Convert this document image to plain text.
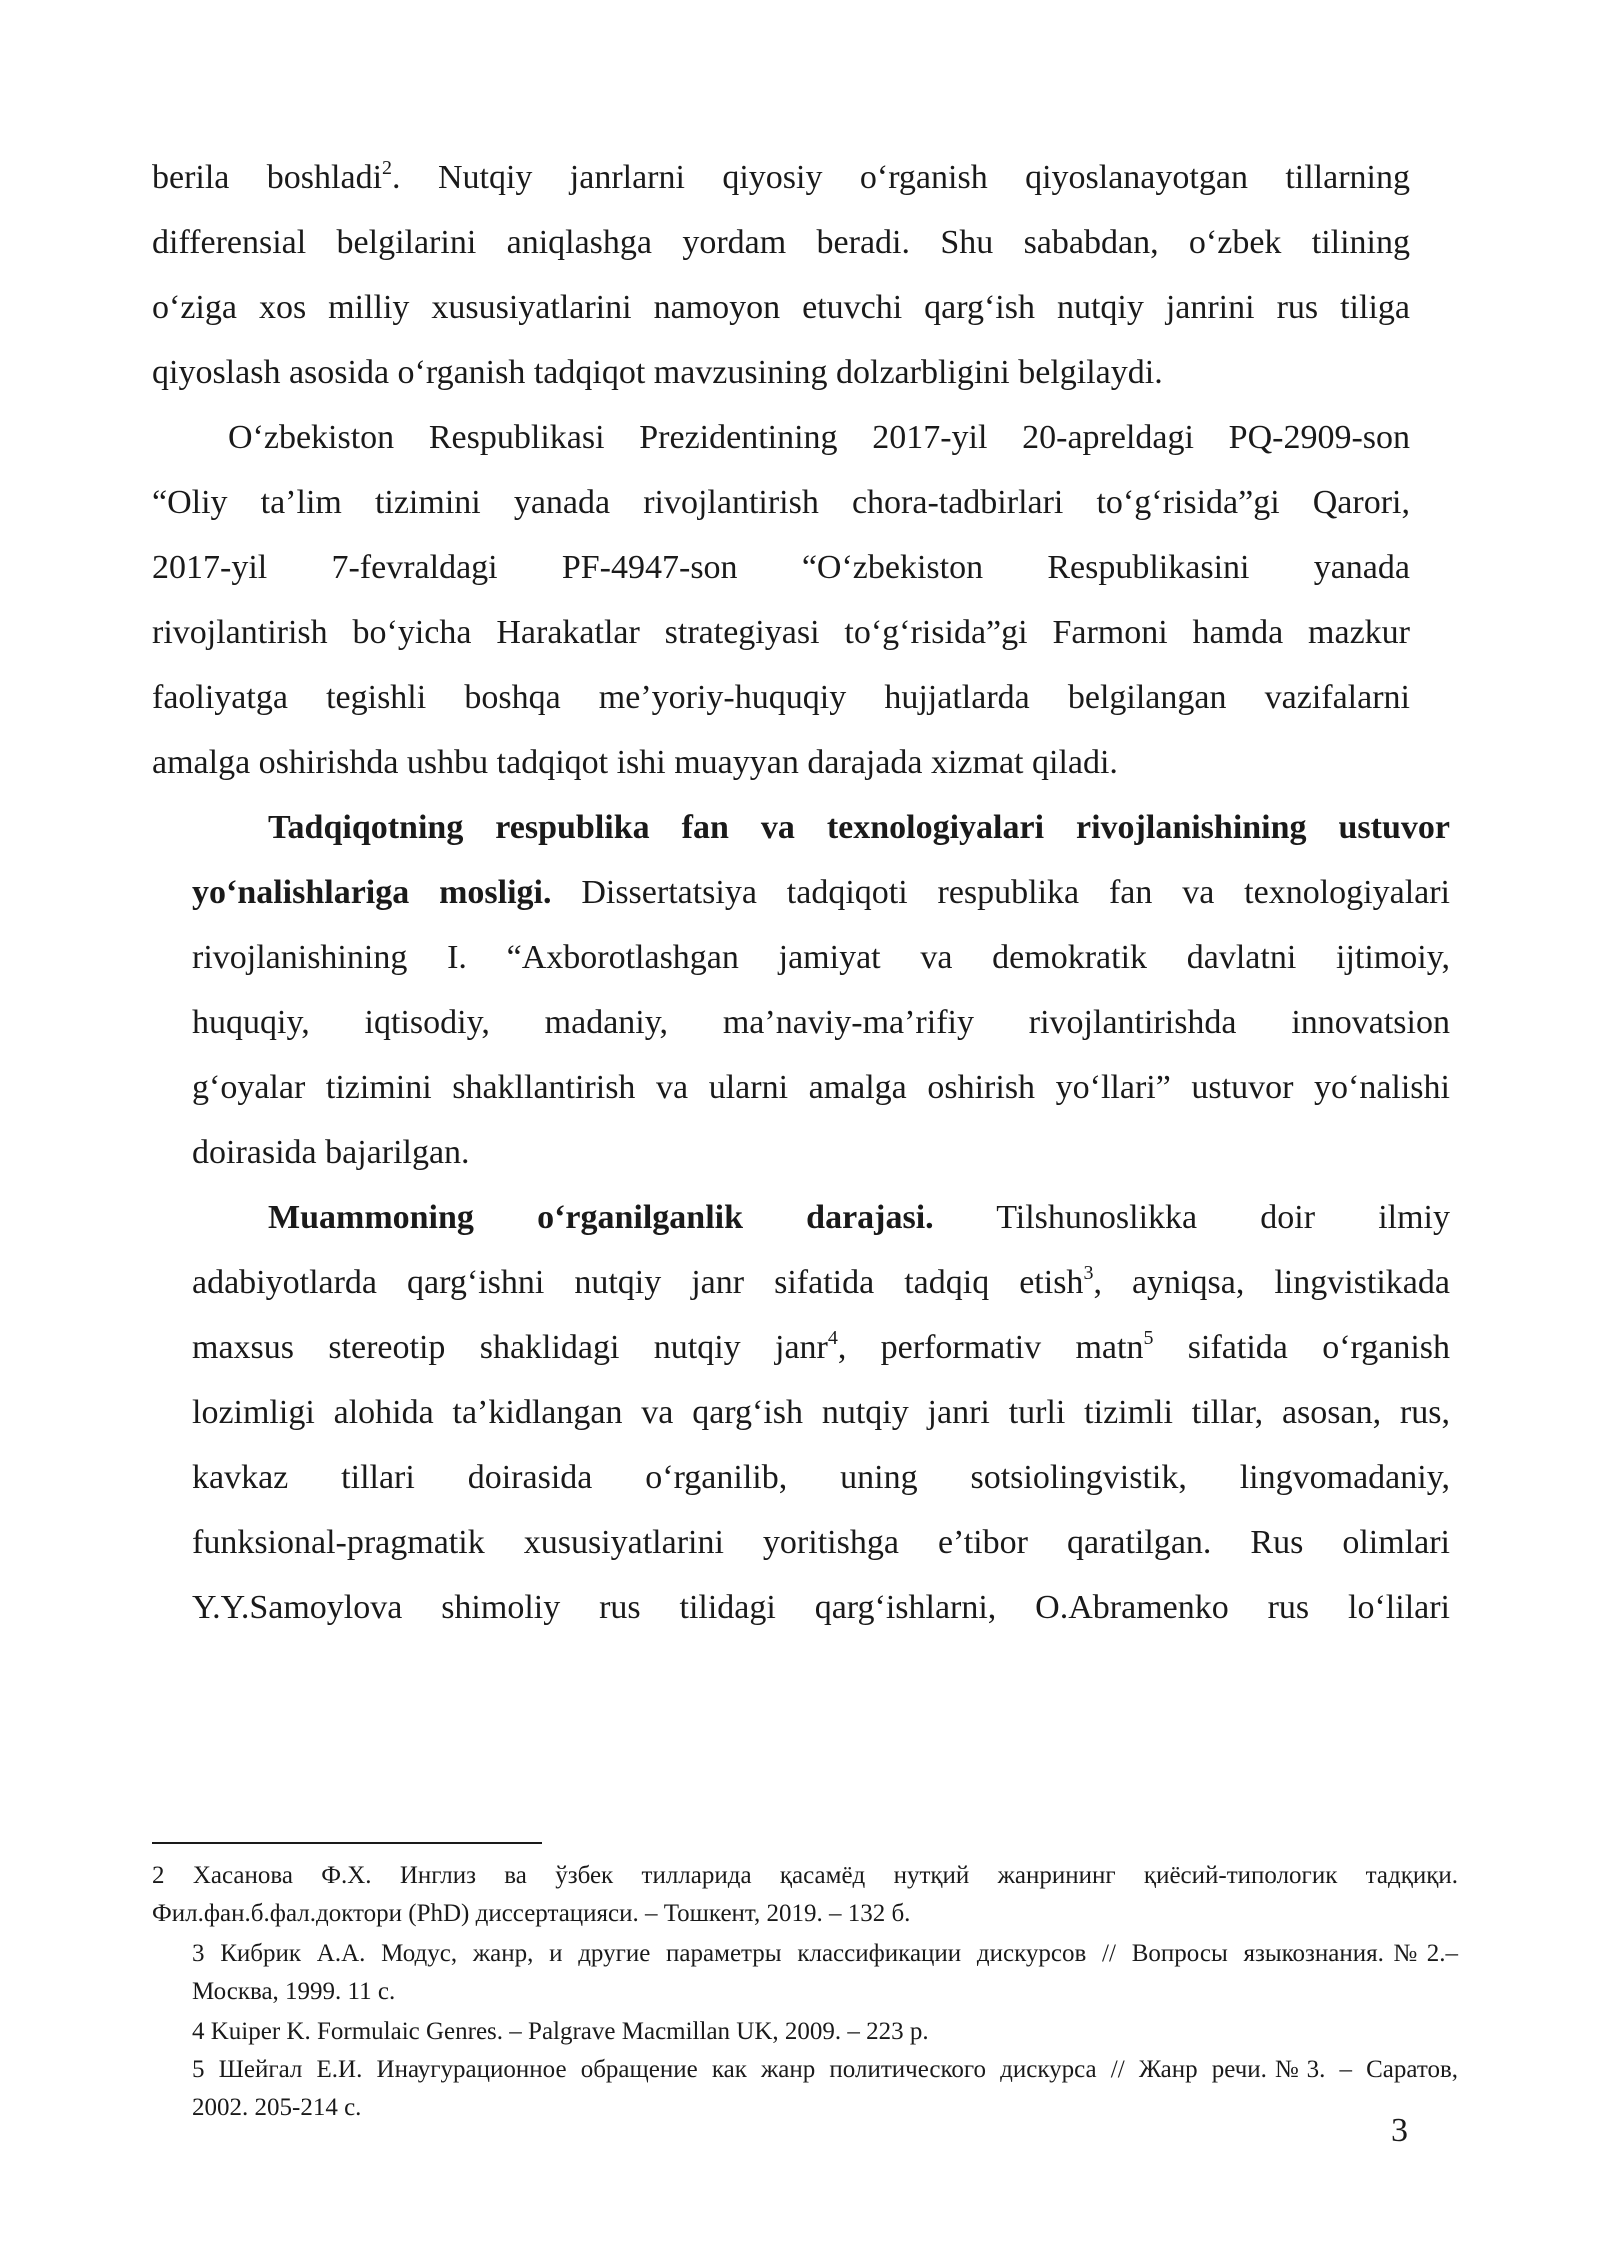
berila boshladi$^2$. Nutqiy janrlarni qiyosiy o‘rganish qiyoslanayotgan tillarning
differensial belgilarini aniqlashga yordam beradi. Shu sababdan, o‘zbek tilining
o‘ziga xos milliy xususiyatlarini namoyon etuvchi qarg‘ish nutqiy janrini rus tiliga
qiyoslash asosida o‘rganish tadqiqot mavzusining dolzarbligini belgilaydi.
O‘zbekiston Respublikasi Prezidentining 2017-yil 20-apreldagi PQ-2909-son
“Oliy ta’lim tizimini yanada rivojlantirish chora-tadbirlari to‘g‘risida”gi Qarori,
2017-yil 7-fevraldagi PF-4947-son “O‘zbekiston Respublikasini yanada
rivojlantirish bo‘yicha Harakatlar strategiyasi to‘g‘risida”gi Farmoni hamda mazkur
faoliyatga tegishli boshqa me’yoriy-huquqiy hujjatlarda belgilangan vazifalarni
amalga oshirishda ushbu tadqiqot ishi muayyan darajada xizmat qiladi.
Tadqiqotning respublika fan va texnologiyalari rivojlanishining ustuvor
yo‘nalishlariga mosligi. Dissertatsiya tadqiqoti respublika fan va texnologiyalari
rivojlanishining I. “Axborotlashgan jamiyat va demokratik davlatni ijtimoiy,
huquqiy, iqtisodiy, madaniy, ma’naviy-ma’rifiy rivojlantirishda innovatsion
g‘oyalar tizimini shakllantirish va ularni amalga oshirish yo‘llari” ustuvor yo‘nalishi
doirasida bajarilgan.
Muammoning o‘rganilganlik darajasi. Tilshunoslikka doir ilmiy
adabiyotlarda qarg‘ishni nutqiy janr sifatida tadqiq etish$^3$, ayniqsa, lingvistikada
maxsus stereotip shaklidagi nutqiy janr$^4$, performativ matn$^5$ sifatida o‘rganish
lozimligi alohida ta’kidlangan va qarg‘ish nutqiy janri turli tizimli tillar, asosan, rus,
kavkaz tillari doirasida o‘rganilib, uning sotsiolingvistik, lingvomadaniy,
funksional-pragmatik xususiyatlarini yoritishga e’tibor qaratilgan. Rus olimlari
Y.Y.Samoylova shimoliy rus tilidagi qarg‘ishlarni, O.Abramenko rus lo‘lilari
2 Хасанова Ф.Х. Инглиз ва ўзбек тилларида қасамёд нутқий жанрининг қиёсий-типологик тадқиқи.
Фил.фан.б.фал.доктори (PhD) диссертацияси. – Тошкент, 2019. – 132 б.
3 Кибрик А.А. Модус, жанр, и другие параметры классификации дискурсов // Вопросы языкознания.№2.–
Москва, 1999. 11 с.
4 Kuiper K. Formulaic Genres. – Palgrave Macmillan UK, 2009. – 223 p.
5 Шейгал Е.И. Инаугурационное обращение как жанр политического дискурса // Жанр речи.№3. – Саратов,
2002. 205-214 с.
3
